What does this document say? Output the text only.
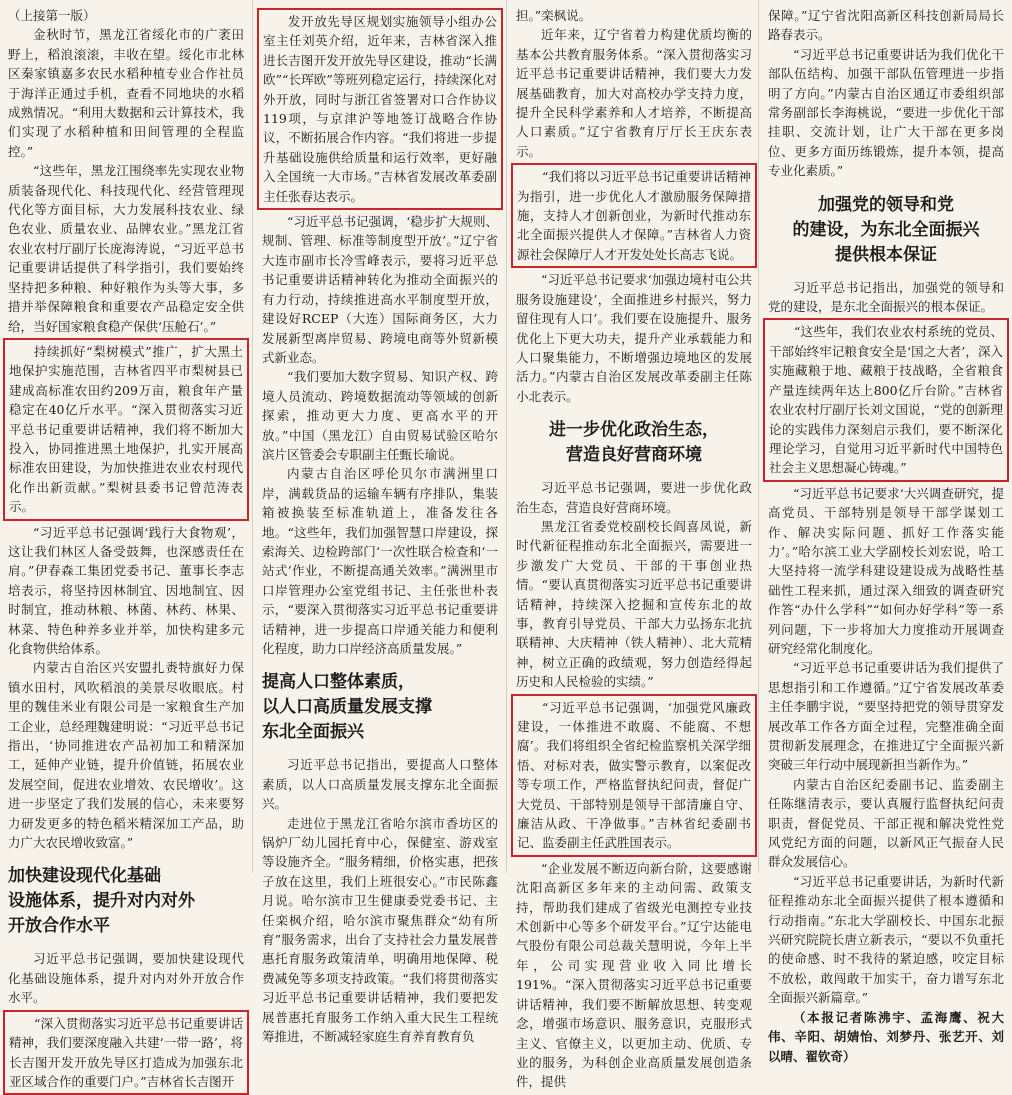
（上接第一版）

金秋时节，黑龙江省绥化市的广袤田野上，稻浪滚滚，丰收在望。绥化市北林区秦家镇嘉多农民水稻种植专业合作社员于海洋正通过手机，查看不同地块的水稻成熟情况。“利用大数据和云计算技术，我们实现了水稻种植和田间管理的全程监控。”

“这些年，黑龙江围绕率先实现农业物质装备现代化、科技现代化、经营管理现代化等方面目标，大力发展科技农业、绿色农业、质量农业、品牌农业。”黑龙江省农业农村厅副厅长庞海涛说，“习近平总书记重要讲话提供了科学指引，我们要始终坚持把多种粮、种好粮作为头等大事，多措并举保障粮食和重要农产品稳定安全供给，当好国家粮食稳产保供‘压舱石’。”

持续抓好“梨树模式”推广，扩大黑土地保护实施范围，吉林省四平市梨树县已建成高标准农田约209万亩，粮食年产量稳定在40亿斤水平。“深入贯彻落实习近平总书记重要讲话精神，我们将不断加大投入，协同推进黑土地保护，扎实开展高标准农田建设，为加快推进农业农村现代化作出新贡献。”梨树县委书记曾范涛表示。

“习近平总书记强调‘践行大食物观’，这让我们林区人备受鼓舞，也深感责任在肩。”伊春森工集团党委书记、董事长李志培表示，将坚持因林制宜、因地制宜、因时制宜，推动林粮、林菌、林药、林果、林菜、特色种养多业并举，加快构建多元化食物供给体系。

内蒙古自治区兴安盟扎赉特旗好力保镇水田村，风吹稻浪的美景尽收眼底。村里的魏佳米业有限公司是一家粮食生产加工企业，总经理魏建明说：“习近平总书记指出，‘协同推进农产品初加工和精深加工，延伸产业链，提升价值链，拓展农业发展空间，促进农业增效、农民增收’。这进一步坚定了我们发展的信心，未来要努力研发更多的特色稻米精深加工产品，助力广大农民增收致富。”

加快建设现代化基础
设施体系，提升对内对外
开放合作水平

习近平总书记强调，要加快建设现代化基础设施体系，提升对内对外开放合作水平。

“深入贯彻落实习近平总书记重要讲话精神，我们要深度融入共建‘一带一路’，将长吉图开发开放先导区打造成为加强东北亚区域合作的重要门户。”吉林省长吉图开

发开放先导区规划实施领导小组办公室主任刘英介绍，近年来，吉林省深入推进长吉图开发开放先导区建设，推动“长满欧”“长珲欧”等班列稳定运行，持续深化对外开放，同时与浙江省签署对口合作协议119项，与京津沪等地签订战略合作协议，不断拓展合作内容。“我们将进一步提升基础设施供给质量和运行效率，更好融入全国统一大市场。”吉林省发展改革委副主任张春达表示。

“习近平总书记强调，‘稳步扩大规则、规制、管理、标准等制度型开放’。”辽宁省大连市副市长冷雪峰表示，要将习近平总书记重要讲话精神转化为推动全面振兴的有力行动，持续推进高水平制度型开放，建设好RCEP（大连）国际商务区，大力发展新型离岸贸易、跨境电商等外贸新模式新业态。

“我们要加大数字贸易、知识产权、跨境人员流动、跨境数据流动等领域的创新探索，推动更大力度、更高水平的开放。”中国（黑龙江）自由贸易试验区哈尔滨片区管委会专职副主任甄长瑜说。

内蒙古自治区呼伦贝尔市满洲里口岸，满载货品的运输车辆有序排队，集装箱被换装至标准轨道上，准备发往各地。“这些年，我们加强智慧口岸建设，探索海关、边检跨部门‘一次性联合检查和‘一站式’作业，不断提高通关效率。”满洲里市口岸管理办公室党组书记、主任张世朴表示，“要深入贯彻落实习近平总书记重要讲话精神，进一步提高口岸通关能力和便利化程度，助力口岸经济高质量发展。”

提高人口整体素质，
以人口高质量发展支撑
东北全面振兴

习近平总书记指出，要提高人口整体素质，以人口高质量发展支撑东北全面振兴。

走进位于黑龙江省哈尔滨市香坊区的锅炉厂幼儿园托育中心，保健室、游戏室等设施齐全。“服务精细，价格实惠，把孩子放在这里，我们上班很安心。”市民陈鑫月说。哈尔滨市卫生健康委党委书记、主任栾枫介绍，哈尔滨市聚焦群众“幼有所育”服务需求，出台了支持社会力量发展普惠托育服务政策清单，明确用地保障、税费减免等多项支持政策。“我们将贯彻落实习近平总书记重要讲话精神，我们要把发展普惠托育服务工作纳入重大民生工程统筹推进，不断减轻家庭生育养育教育负

担。”栾枫说。

近年来，辽宁省着力构建优质均衡的基本公共教育服务体系。“深入贯彻落实习近平总书记重要讲话精神，我们要大力发展基础教育，加大对高校办学支持力度，提升全民科学素养和人才培养，不断提高人口素质。”辽宁省教育厅厅长王庆东表示。

“我们将以习近平总书记重要讲话精神为指引，进一步优化人才激励服务保障措施，支持人才创新创业，为新时代推动东北全面振兴提供人才保障。”吉林省人力资源社会保障厅人才开发处处长高志飞说。

“习近平总书记要求‘加强边境村屯公共服务设施建设’，全面推进乡村振兴，努力留住现有人口’。我们要在设施提升、服务优化上下更大功夫，提升产业承载能力和人口聚集能力，不断增强边境地区的发展活力。”内蒙古自治区发展改革委副主任陈小北表示。

进一步优化政治生态，
营造良好营商环境

习近平总书记强调，要进一步优化政治生态，营造良好营商环境。

黑龙江省委党校副校长阎喜凤说，新时代新征程推动东北全面振兴，需要进一步激发广大党员、干部的干事创业热情。“要认真贯彻落实习近平总书记重要讲话精神，持续深入挖掘和宣传东北的故事，教育引导党员、干部大力弘扬东北抗联精神、大庆精神（铁人精神）、北大荒精神，树立正确的政绩观，努力创造经得起历史和人民检验的实绩。”

“习近平总书记强调，‘加强党风廉政建设，一体推进不敢腐、不能腐、不想腐’。我们将组织全省纪检监察机关深学细悟、对标对表，做实警示教育，以案促改等专项工作，严格监督执纪问责，督促广大党员、干部特别是领导干部清廉自守、廉洁从政、干净做事。”吉林省纪委副书记、监委副主任武胜国表示。

“企业发展不断迈向新台阶，这要感谢沈阳高新区多年来的主动问需、政策支持，帮助我们建成了省级光电测控专业技术创新中心等多个研发平台。”辽宁达能电气股份有限公司总裁关慧明说，今年上半年，公司实现营业收入同比增长191%。“深入贯彻落实习近平总书记重要讲话精神，我们要不断解放思想、转变观念，增强市场意识、服务意识，克服形式主义、官僚主义，以更加主动、优质、专业的服务，为科创企业高质量发展创造条件，提供

保障。”辽宁省沈阳高新区科技创新局局长路春表示。

“习近平总书记重要讲话为我们优化干部队伍结构、加强干部队伍管理进一步指明了方向。”内蒙古自治区通辽市委组织部常务副部长李海桃说，“要进一步优化干部挂职、交流计划，让广大干部在更多岗位、更多方面历练锻炼，提升本领，提高专业化素质。”

加强党的领导和党
的建设，为东北全面振兴
提供根本保证

习近平总书记指出，加强党的领导和党的建设，是东北全面振兴的根本保证。

“这些年，我们农业农村系统的党员、干部始终牢记粮食安全是‘国之大者’，深入实施藏粮于地、藏粮于技战略，全省粮食产量连续两年达上800亿斤台阶。”吉林省农业农村厅副厅长刘文国说，“党的创新理论的实践伟力深刻启示我们，要不断深化理论学习，自觉用习近平新时代中国特色社会主义思想凝心铸魂。”

“习近平总书记要求‘大兴调查研究，提高党员、干部特别是领导干部学谋划工作、解决实际问题、抓好工作落实能力’。”哈尔滨工业大学副校长刘宏说，哈工大坚持将一流学科建设建设成为战略性基础性工程来抓，通过深入细致的调查研究作答“办什么学科”“如何办好学科”等一系列问题，下一步将加大力度推动开展调查研究经常化制度化。

“习近平总书记重要讲话为我们提供了思想指引和工作遵循。”辽宁省发展改革委主任李鹏宇说，“要坚持把党的领导贯穿发展改革工作各方面全过程，完整准确全面贯彻新发展理念，在推进辽宁全面振兴新突破三年行动中展现新担当新作为。”

内蒙古自治区纪委副书记、监委副主任陈继清表示，要认真履行监督执纪问责职责，督促党员、干部正视和解决党性党风党纪方面的问题，以新风正气振奋人民群众发展信心。

“习近平总书记重要讲话，为新时代新征程推动东北全面振兴提供了根本遵循和行动指南。”东北大学副校长、中国东北振兴研究院院长唐立新表示，“要以不负重托的使命感、时不我待的紧迫感，咬定目标不放松，敢闯敢干加实干，奋力谱写东北全面振兴新篇章。”

（本报记者陈沸宇、孟海鹰、祝大伟、辛阳、胡婧怡、刘梦丹、张艺开、刘以晴、翟钦奇）
